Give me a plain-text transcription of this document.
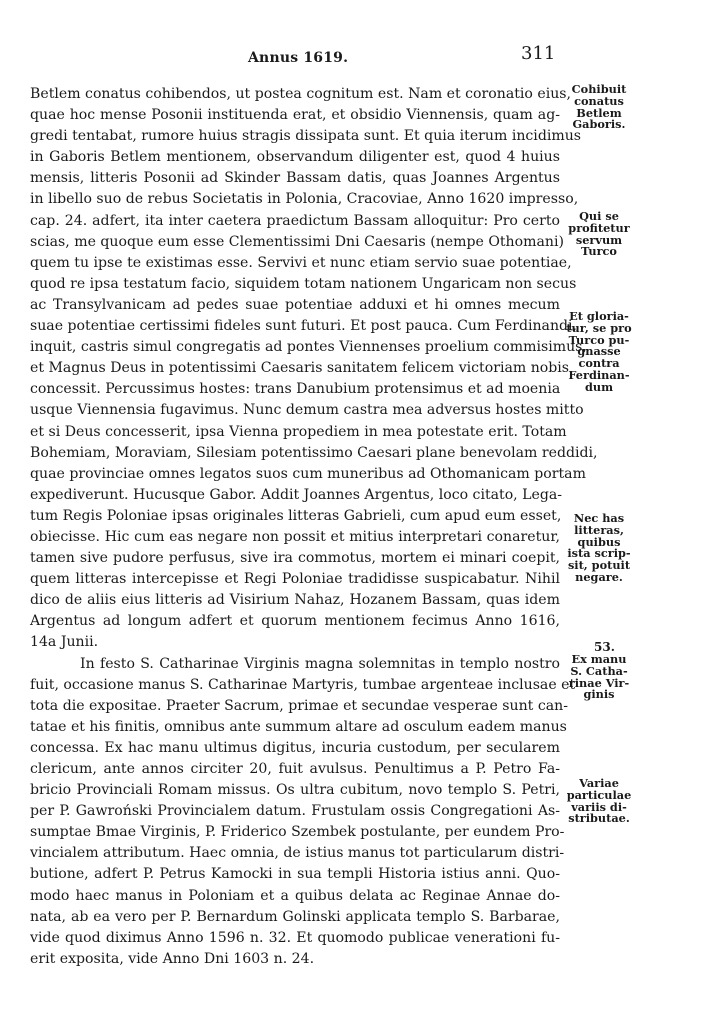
Annus 1619.	311
Betlem conatus cohibendos, ut postea cognitum est. Nam et coronatio eius,
quae hoc mense Posonii instituenda erat, et obsidio Viennensis, quam ag-
gredi tentabat, rumore huius stragis dissipata sunt. Et quia iterum incidimus
in Gaboris Betlem mentionem, observandum diligenter est, quod 4 huius
mensis, litteris Posonii ad Skinder Bassam datis, quas Joannes Argentus
in libello suo de rebus Societatis in Polonia, Cracoviae, Anno 1620 impresso,
cap. 24. adfert, ita inter caetera praedictum Bassam alloquitur: Pro certo
scias, me quoque eum esse Clementissimi Dni Caesaris (nempe Othomani)
quem tu ipse te existimas esse. Servivi et nunc etiam servio suae potentiae,
quod re ipsa testatum facio, siquidem totam nationem Ungaricam non secus
ac Transylvanicam ad pedes suae potentiae adduxi et hi omnes mecum
suae potentiae certissimi fideles sunt futuri. Et post pauca. Cum Ferdinandi,
inquit, castris simul congregatis ad pontes Viennenses proelium commisimus,
et Magnus Deus in potentissimi Caesaris sanitatem felicem victoriam nobis
concessit. Percussimus hostes: trans Danubium protensimus et ad moenia
usque Viennensia fugavimus. Nunc demum castra mea adversus hostes mitto
et si Deus concesserit, ipsa Vienna propediem in mea potestate erit. Totam
Bohemiam, Moraviam, Silesiam potentissimo Caesari plane benevolam reddidi,
quae provinciae omnes legatos suos cum muneribus ad Othomanicam portam
expediverunt. Hucusque Gabor. Addit Joannes Argentus, loco citato, Lega-
tum Regis Poloniae ipsas originales litteras Gabrieli, cum apud eum esset,
obiecisse. Hic cum eas negare non possit et mitius interpretari conaretur,
tamen sive pudore perfusus, sive ira commotus, mortem ei minari coepit,
quem litteras intercepisse et Regi Poloniae tradidisse suspicabatur. Nihil
dico de aliis eius litteris ad Visirium Nahaz, Hozanem Bassam, quas idem
Argentus ad longum adfert et quorum mentionem fecimus Anno 1616,
14a Junii.
In festo S. Catharinae Virginis magna solemnitas in templo nostro
fuit, occasione manus S. Catharinae Martyris, tumbae argenteae inclusae et
tota die expositae. Praeter Sacrum, primae et secundae vesperae sunt can-
tatae et his finitis, omnibus ante summum altare ad osculum eadem manus
concessa. Ex hac manu ultimus digitus, incuria custodum, per secularem
clericum, ante annos circiter 20, fuit avulsus. Penultimus a P. Petro Fa-
bricio Provinciali Romam missus. Os ultra cubitum, novo templo S. Petri,
per P. Gawroński Provincialem datum. Frustulam ossis Congregationi As-
sumptae Bmae Virginis, P. Friderico Szembek postulante, per eundem Pro-
vincialem attributum. Haec omnia, de istius manus tot particularum distri-
butione, adfert P. Petrus Kamocki in sua templi Historia istius anni. Quo-
modo haec manus in Poloniam et a quibus delata ac Reginae Annae do-
nata, ab ea vero per P. Bernardum Golinski applicata templo S. Barbarae,
vide quod diximus Anno 1596 n. 32. Et quomodo publicae venerationi fu-
erit exposita, vide Anno Dni 1603 n. 24.
Cohibuit
conatus
Betlem
Gaboris.
Qui se
profitetur
servum
Turco
Et gloria-
tur, se pro
Turco pu-
gnasse
contra
Ferdinan-
dum
Nec has
litteras,
quibus
ista scrip-
sit, potuit
negare.
53.
Ex manu
S. Catha-
rinae Vir-
ginis
Variae
particulae
variis di-
stributae.
